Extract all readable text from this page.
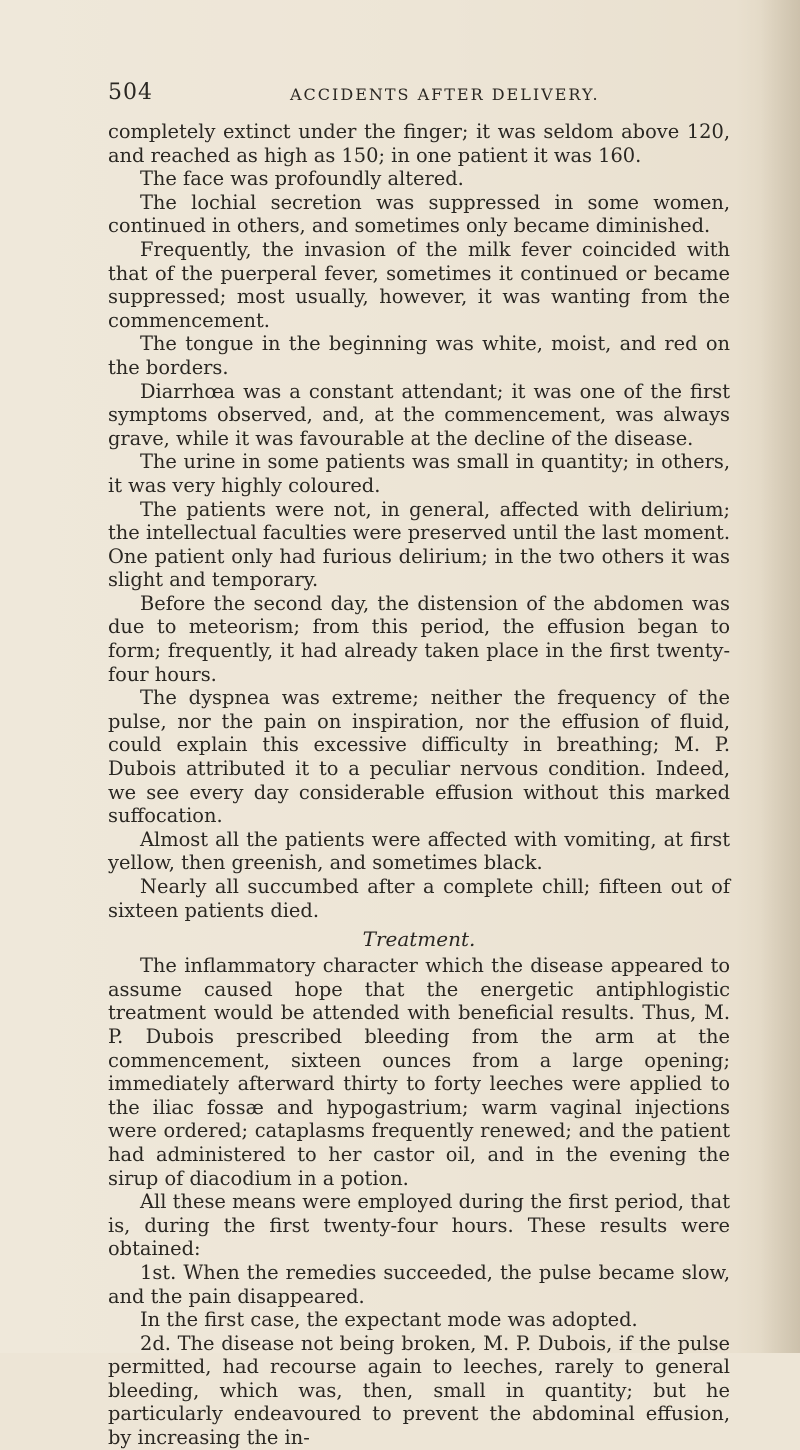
504	ACCIDENTS AFTER DELIVERY.

completely extinct under the finger; it was seldom above 120, and reached as high as 150; in one patient it was 160.

The face was profoundly altered.

The lochial secretion was suppressed in some women, continued in others, and sometimes only became diminished.

Frequently, the invasion of the milk fever coincided with that of the puerperal fever, sometimes it continued or became suppressed; most usually, however, it was wanting from the commencement.

The tongue in the beginning was white, moist, and red on the borders.

Diarrhœa was a constant attendant; it was one of the first symptoms observed, and, at the commencement, was always grave, while it was favourable at the decline of the disease.

The urine in some patients was small in quantity; in others, it was very highly coloured.

The patients were not, in general, affected with delirium; the intellectual faculties were preserved until the last moment. One patient only had furious delirium; in the two others it was slight and temporary.

Before the second day, the distension of the abdomen was due to meteorism; from this period, the effusion began to form; frequently, it had already taken place in the first twenty-four hours.

The dyspnea was extreme; neither the frequency of the pulse, nor the pain on inspiration, nor the effusion of fluid, could explain this excessive difficulty in breathing; M. P. Dubois attributed it to a peculiar nervous condition. Indeed, we see every day considerable effusion without this marked suffocation.

Almost all the patients were affected with vomiting, at first yellow, then greenish, and sometimes black.

Nearly all succumbed after a complete chill; fifteen out of sixteen patients died.

Treatment.

The inflammatory character which the disease appeared to assume caused hope that the energetic antiphlogistic treatment would be attended with beneficial results. Thus, M. P. Dubois prescribed bleeding from the arm at the commencement, sixteen ounces from a large opening; immediately afterward thirty to forty leeches were applied to the iliac fossæ and hypogastrium; warm vaginal injections were ordered; cataplasms frequently renewed; and the patient had administered to her castor oil, and in the evening the sirup of diacodium in a potion.

All these means were employed during the first period, that is, during the first twenty-four hours. These results were obtained:

1st. When the remedies succeeded, the pulse became slow, and the pain disappeared.

In the first case, the expectant mode was adopted.

2d. The disease not being broken, M. P. Dubois, if the pulse permitted, had recourse again to leeches, rarely to general bleeding, which was, then, small in quantity; but he particularly endeavoured to prevent the abdominal effusion, by increasing the in-
